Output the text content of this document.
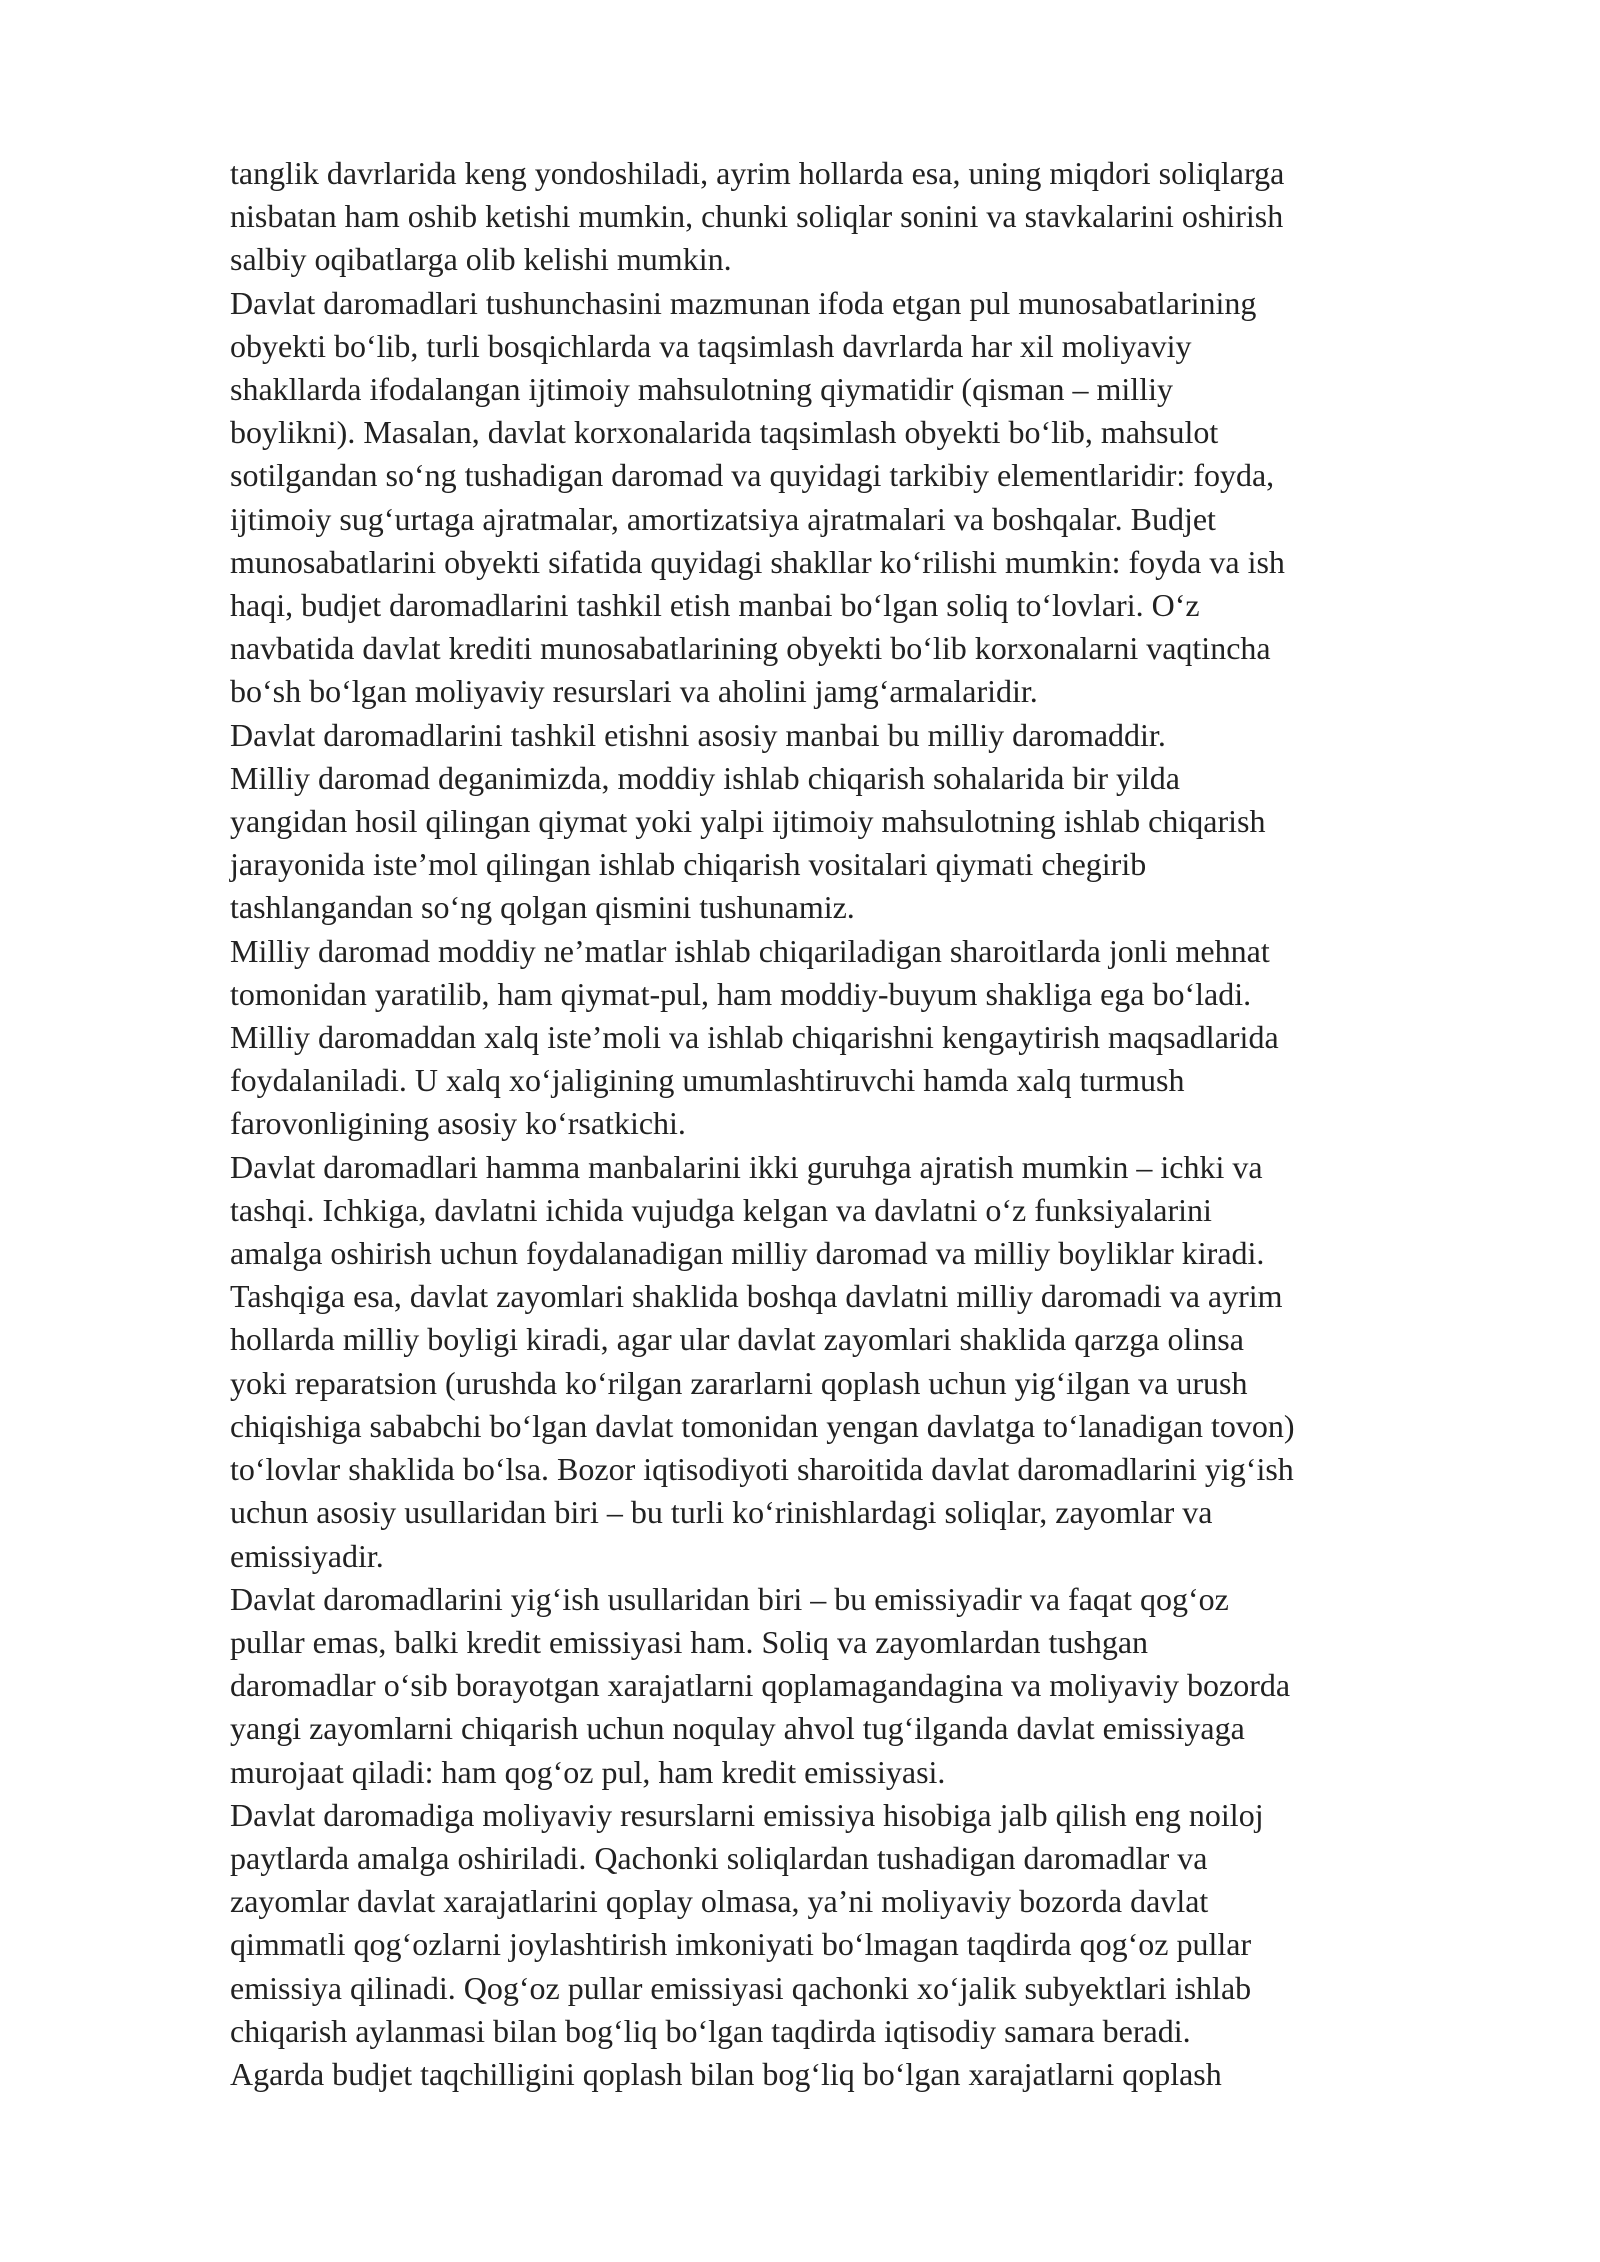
tanglik davrlarida keng yondoshiladi, ayrim hollarda esa, uning miqdori soliqlarga
nisbatan ham oshib ketishi mumkin, chunki soliqlar sonini va stavkalarini oshirish
salbiy oqibatlarga olib kelishi mumkin.

Davlat daromadlari tushunchasini mazmunan ifoda etgan pul munosabatlarining
obyekti bo‘lib, turli bosqichlarda va taqsimlash davrlarda har xil moliyaviy
shakllarda ifodalangan ijtimoiy mahsulotning qiymatidir (qisman – milliy
boylikni). Masalan, davlat korxonalarida taqsimlash obyekti bo‘lib, mahsulot
sotilgandan so‘ng tushadigan daromad va quyidagi tarkibiy elementlaridir: foyda,
ijtimoiy sug‘urtaga ajratmalar, amortizatsiya ajratmalari va boshqalar. Budjet
munosabatlarini obyekti sifatida quyidagi shakllar ko‘rilishi mumkin: foyda va ish
haqi, budjet daromadlarini tashkil etish manbai bo‘lgan soliq to‘lovlari. O‘z
navbatida davlat krediti munosabatlarining obyekti bo‘lib korxonalarni vaqtincha
bo‘sh bo‘lgan moliyaviy resurslari va aholini jamg‘armalaridir.

Davlat daromadlarini tashkil etishni asosiy manbai bu milliy daromaddir.

Milliy daromad deganimizda, moddiy ishlab chiqarish sohalarida bir yilda
yangidan hosil qilingan qiymat yoki yalpi ijtimoiy mahsulotning ishlab chiqarish
jarayonida iste’mol qilingan ishlab chiqarish vositalari qiymati chegirib
tashlangandan so‘ng qolgan qismini tushunamiz.

Milliy daromad moddiy ne’matlar ishlab chiqariladigan sharoitlarda jonli mehnat
tomonidan yaratilib, ham qiymat-pul, ham moddiy-buyum shakliga ega bo‘ladi.
Milliy daromaddan xalq iste’moli va ishlab chiqarishni kengaytirish maqsadlarida
foydalaniladi. U xalq xo‘jaligining umumlashtiruvchi hamda xalq turmush
farovonligining asosiy ko‘rsatkichi.

Davlat daromadlari hamma manbalarini ikki guruhga ajratish mumkin – ichki va
tashqi. Ichkiga, davlatni ichida vujudga kelgan va davlatni o‘z funksiyalarini
amalga oshirish uchun foydalanadigan milliy daromad va milliy boyliklar kiradi.
Tashqiga esa, davlat zayomlari shaklida boshqa davlatni milliy daromadi va ayrim
hollarda milliy boyligi kiradi, agar ular davlat zayomlari shaklida qarzga olinsa
yoki reparatsion (urushda ko‘rilgan zararlarni qoplash uchun yig‘ilgan va urush
chiqishiga sababchi bo‘lgan davlat tomonidan yengan davlatga to‘lanadigan tovon)
to‘lovlar shaklida bo‘lsa. Bozor iqtisodiyoti sharoitida davlat daromadlarini yig‘ish
uchun asosiy usullaridan biri – bu turli ko‘rinishlardagi soliqlar, zayomlar va
emissiyadir.

Davlat daromadlarini yig‘ish usullaridan biri – bu emissiyadir va faqat qog‘oz
pullar emas, balki kredit emissiyasi ham. Soliq va zayomlardan tushgan
daromadlar o‘sib borayotgan xarajatlarni qoplamagandagina va moliyaviy bozorda
yangi zayomlarni chiqarish uchun noqulay ahvol tug‘ilganda davlat emissiyaga
murojaat qiladi: ham qog‘oz pul, ham kredit emissiyasi.

Davlat daromadiga moliyaviy resurslarni emissiya hisobiga jalb qilish eng noiloj
paytlarda amalga oshiriladi. Qachonki soliqlardan tushadigan daromadlar va
zayomlar davlat xarajatlarini qoplay olmasa, ya’ni moliyaviy bozorda davlat
qimmatli qog‘ozlarni joylashtirish imkoniyati bo‘lmagan taqdirda qog‘oz pullar
emissiya qilinadi. Qog‘oz pullar emissiyasi qachonki xo‘jalik subyektlari ishlab
chiqarish aylanmasi bilan bog‘liq bo‘lgan taqdirda iqtisodiy samara beradi.

Agarda budjet taqchilligini qoplash bilan bog‘liq bo‘lgan xarajatlarni qoplash
